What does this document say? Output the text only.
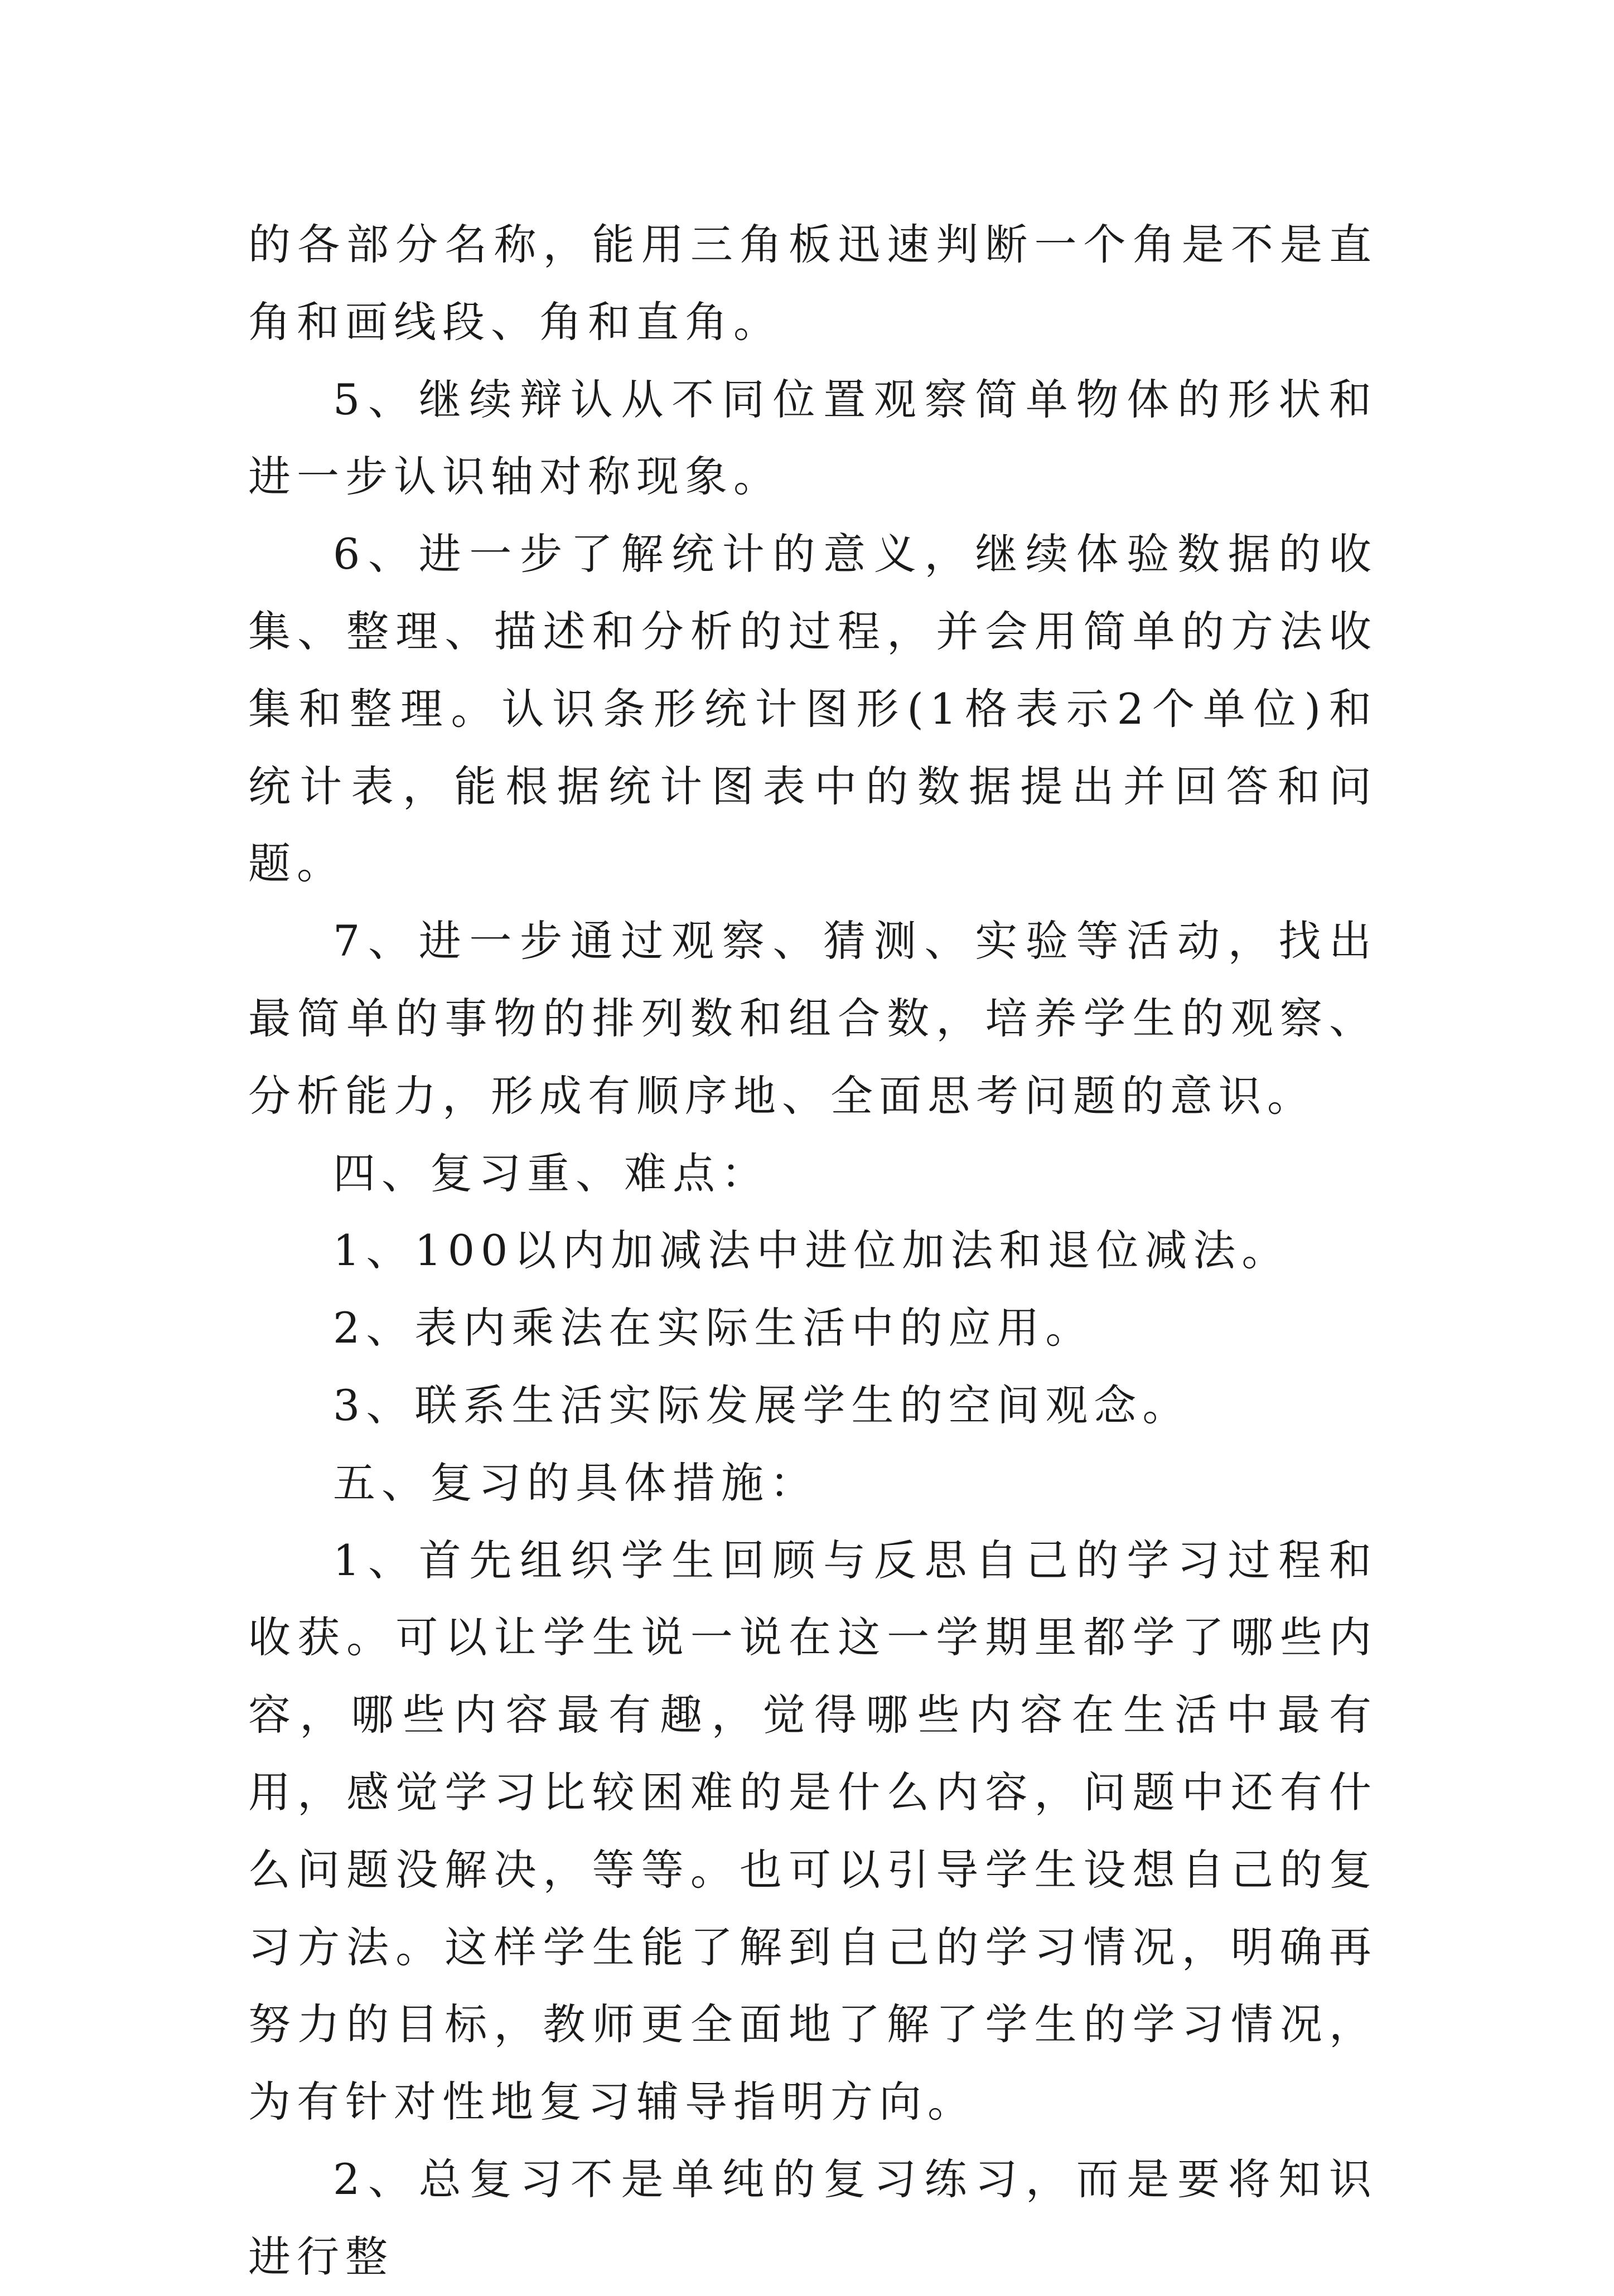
的各部分名称，能用三角板迅速判断一个角是不是直角和画线段、角和直角。

5、继续辩认从不同位置观察简单物体的形状和进一步认识轴对称现象。

6、进一步了解统计的意义，继续体验数据的收集、整理、描述和分析的过程，并会用简单的方法收集和整理。认识条形统计图形(1格表示2个单位)和统计表，能根据统计图表中的数据提出并回答和问题。

7、进一步通过观察、猜测、实验等活动，找出最简单的事物的排列数和组合数，培养学生的观察、分析能力，形成有顺序地、全面思考问题的意识。

四、复习重、难点：

1、100以内加减法中进位加法和退位减法。

2、表内乘法在实际生活中的应用。

3、联系生活实际发展学生的空间观念。

五、复习的具体措施：

1、首先组织学生回顾与反思自己的学习过程和收获。可以让学生说一说在这一学期里都学了哪些内容，哪些内容最有趣，觉得哪些内容在生活中最有用，感觉学习比较困难的是什么内容，问题中还有什么问题没解决，等等。也可以引导学生设想自己的复习方法。这样学生能了解到自己的学习情况，明确再努力的目标，教师更全面地了解了学生的学习情况，为有针对性地复习辅导指明方向。

2、总复习不是单纯的复习练习，而是要将知识进行整
